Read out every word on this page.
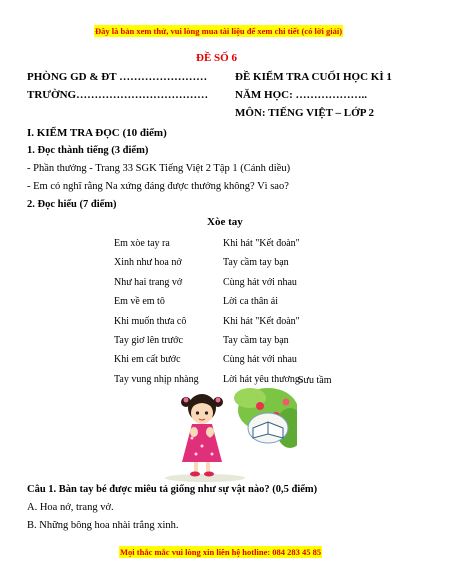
Đây là bản xem thử, vui lòng mua tài liệu để xem chi tiết (có lời giải)
ĐỀ SỐ 6
PHÒNG GD & ĐT ……………………
TRƯỜNG………………………………
ĐỀ KIỂM TRA CUỐI HỌC KÌ 1
NĂM HỌC: ………………..
MÔN: TIẾNG VIỆT – LỚP 2
I. KIỂM TRA ĐỌC (10 điểm)
1. Đọc thành tiếng (3 điểm)
- Phần thưởng - Trang 33 SGK Tiếng Việt 2 Tập 1 (Cánh diều)
- Em có nghĩ rằng Na xứng đáng được thưởng không? Vì sao?
2. Đọc hiểu (7 điểm)
Xòe tay
Em xòe tay ra
Xinh như hoa nở
Như hai trang vở
Em về em tô
Khi muốn thưa cô
Tay giơ lên trước
Khi em cất bước
Tay vung nhịp nhàng
Khi hát "Kết đoàn"
Tay cầm tay bạn
Cùng hát với nhau
Lời ca thân ái
Khi hát "Kết đoàn"
Tay cầm tay bạn
Cùng hát với nhau
Lời hát yêu thương.
Sưu tầm
Câu 1. Bàn tay bé được miêu tả giống như sự vật nào? (0,5 điểm)
A. Hoa nở, trang vở.
B. Những bông hoa nhài trắng xinh.
Mọi thắc mắc vui lòng xin liên hệ hotline: 084 283 45 85
